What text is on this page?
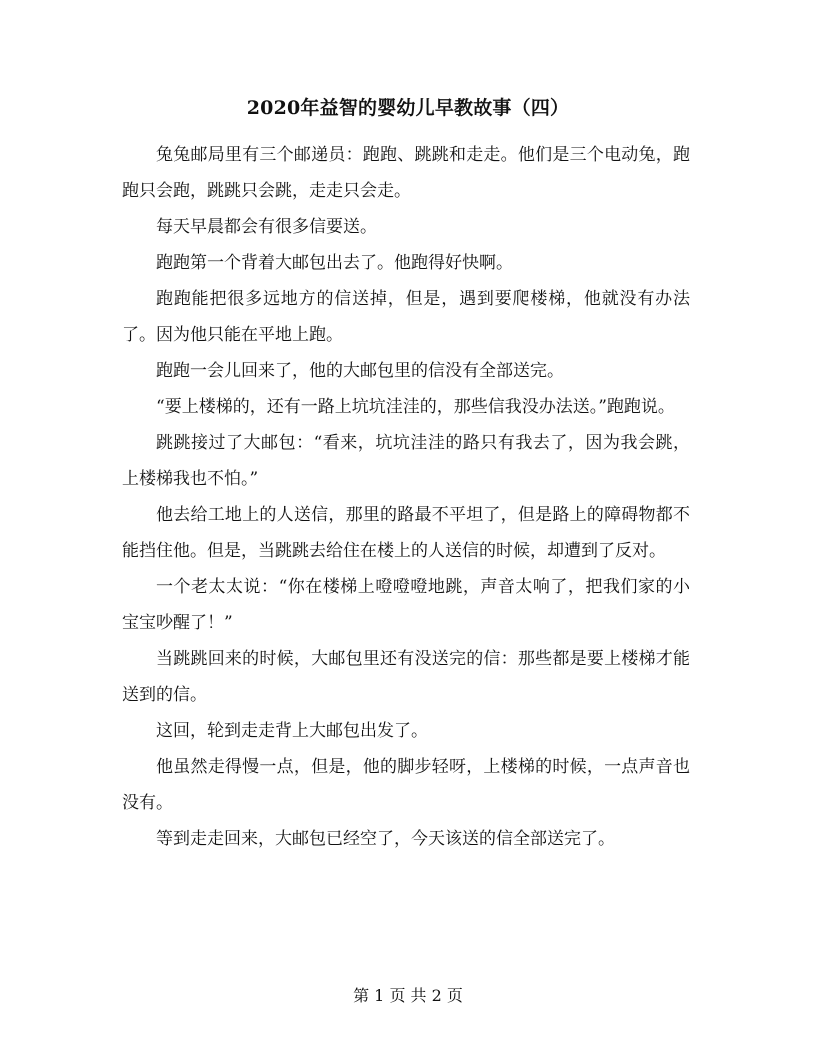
2020年益智的婴幼儿早教故事（四）

兔兔邮局里有三个邮递员：跑跑、跳跳和走走。他们是三个电动兔，跑跑只会跑，跳跳只会跳，走走只会走。

每天早晨都会有很多信要送。

跑跑第一个背着大邮包出去了。他跑得好快啊。

跑跑能把很多远地方的信送掉，但是，遇到要爬楼梯，他就没有办法了。因为他只能在平地上跑。

跑跑一会儿回来了，他的大邮包里的信没有全部送完。

“要上楼梯的，还有一路上坑坑洼洼的，那些信我没办法送。”跑跑说。

跳跳接过了大邮包：“看来，坑坑洼洼的路只有我去了，因为我会跳，上楼梯我也不怕。”

他去给工地上的人送信，那里的路最不平坦了，但是路上的障碍物都不能挡住他。但是，当跳跳去给住在楼上的人送信的时候，却遭到了反对。

一个老太太说：“你在楼梯上噔噔噔地跳，声音太响了，把我们家的小宝宝吵醒了！”

当跳跳回来的时候，大邮包里还有没送完的信：那些都是要上楼梯才能送到的信。

这回，轮到走走背上大邮包出发了。

他虽然走得慢一点，但是，他的脚步轻呀，上楼梯的时候，一点声音也没有。

等到走走回来，大邮包已经空了，今天该送的信全部送完了。

第 1 页 共 2 页
